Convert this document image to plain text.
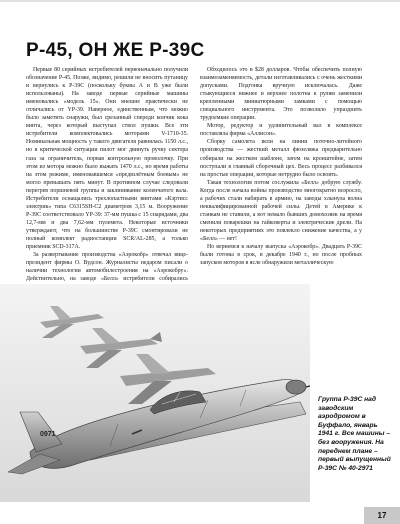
Р-45, ОН ЖЕ Р-39С

Первые 80 серийных истребителей первоначально получили обозначение Р-45. Позже, видимо, решили не вносить путаницу и вернулись к Р-39С (поскольку буквы А и В уже были использованы). На заводе первые серийные машины именовались «модель 15». Они внешне практически не отличались от YP-39. Наверное, единственным, что можно было заметить снаружи, был срезанный спереди кончик кока винта, через который выступал ствол пушки. Все эти истребители комплектовались моторами V-1710-35. Номинальная мощность у такого двигателя равнялась 1150 л.с., но в критической ситуации пилот мог двинуть ручку сектора газа за ограничитель, порвав контрольную проволочку. При этом из мотора можно было выжать 1470 л.с., но время работы на этом режиме, именовавшемся «предвзлётным боевым» не могло превышать пять минут. В противном случае следовали перегрев поршневой группы и заклинивание коленчатого вала. Истребители оснащались трехлопастными винтами «Кэртисс электрик» типа С6315SH-С2 диаметром 3,15 м. Вооружение Р-39С соответствовало YP-39: 37-мм пушка с 15 снарядами, два 12,7-мм и два 7,62-мм пулемета. Некоторые источники утверждают, что на большинстве Р-39С смонтировали не полный комплект радиостанции SCR/AL-285, а только приемник SCD-317A.

За развертывание производства «Аэрокобр» отвечал вице-президент фирмы О. Вудсон. Журналисты недаром писали о наличии технологии автомобилестроения на «Аэрокобру». Действительно, на заводе «Белл» истребители собирались

Обходилось это в $28 долларов. Чтобы обеспечить полную взаимозаменяемость, детали изготавливались с очень жесткими допусками. Подгонка вручную исключалась. Даже стыкующиеся нижнее и верхнее полотна к рулям заменили крепленными миниатюрными замками с помощью специального инструмента. Это позволяло упразднить трудоемкие операции.

Мотор, редуктор и удлинительный вал в комплексе поставляла фирма «Аллисон».

Сборку самолета вели на линии поточно-литейного производства — жесткий металл фюзеляжа предварительно собирали на жестком шаблоне, затем на кронштейне, затем поступали в главный сборочный цех. Весь процесс разбивался на простые операции, которые нетрудно было освоить.

Такая технология потом сослужила «Белл» добрую службу. Когда после начала войны производство многократно возросло, а рабочих стали набирать в армию, на заводы хлынула волна неквалифицированной рабочей силы. Детей в Америке к станкам не ставили, а вот немало бывших домохозяек на время сменили поварешки на гайковерты и электрические дрели. На некоторых предприятиях это повлекло снижение качества, а у «Белл» — нет!

Но вернемся к началу выпуска «Аэрокобр». Двадцать Р-39С были готовы в срок, в декабре 1940 г., но после пробных запусков моторов в ясле обнаружили металлическую

0971
Группа Р-39С над заводским аэродромом в Буффало, январь 1941 г. Все машины – без вооружения. На переднем плане – первый выпущенный Р-39С № 40-2971
17
